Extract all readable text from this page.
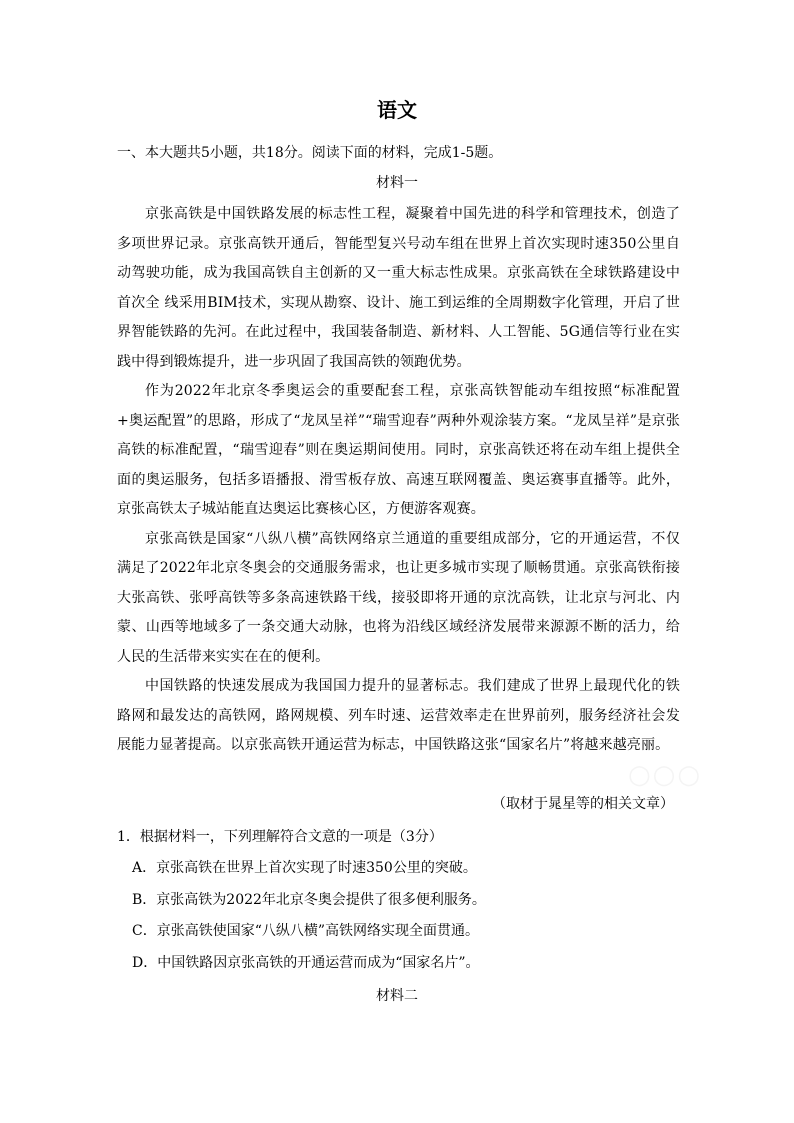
语文
一、本大题共5小题，共18分。阅读下面的材料，完成1-5题。
材料一

京张高铁是中国铁路发展的标志性工程，凝聚着中国先进的科学和管理技术，创造了多项世界记录。京张高铁开通后，智能型复兴号动车组在世界上首次实现时速350公里自动驾驶功能，成为我国高铁自主创新的又一重大标志性成果。京张高铁在全球铁路建设中首次全 线采用BIM技术，实现从勘察、设计、施工到运维的全周期数字化管理，开启了世界智能铁路的先河。在此过程中，我国装备制造、新材料、人工智能、5G通信等行业在实践中得到锻炼提升，进一步巩固了我国高铁的领跑优势。

作为2022年北京冬季奥运会的重要配套工程，京张高铁智能动车组按照“标准配置+奥运配置”的思路，形成了“龙凤呈祥”“瑞雪迎春”两种外观涂装方案。“龙凤呈祥”是京张高铁的标准配置，“瑞雪迎春”则在奥运期间使用。同时，京张高铁还将在动车组上提供全面的奥运服务，包括多语播报、滑雪板存放、高速互联网覆盖、奥运赛事直播等。此外，京张高铁太子城站能直达奥运比赛核心区，方便游客观赛。

京张高铁是国家“八纵八横”高铁网络京兰通道的重要组成部分，它的开通运营，不仅满足了2022年北京冬奥会的交通服务需求，也让更多城市实现了顺畅贯通。京张高铁衔接大张高铁、张呼高铁等多条高速铁路干线，接驳即将开通的京沈高铁，让北京与河北、内蒙、山西等地域多了一条交通大动脉，也将为沿线区域经济发展带来源源不断的活力，给人民的生活带来实实在在的便利。

中国铁路的快速发展成为我国国力提升的显著标志。我们建成了世界上最现代化的铁路网和最发达的高铁网，路网规模、列车时速、运营效率走在世界前列，服务经济社会发展能力显著提高。以京张高铁开通运营为标志，中国铁路这张“国家名片”将越来越亮丽。

○○○
（取材于晁星等的相关文章）
1．根据材料一，下列理解符合文意的一项是（3分）
A．京张高铁在世界上首次实现了时速350公里的突破。
B．京张高铁为2022年北京冬奥会提供了很多便利服务。
C．京张高铁使国家“八纵八横”高铁网络实现全面贯通。
D．中国铁路因京张高铁的开通运营而成为“国家名片”。
材料二
